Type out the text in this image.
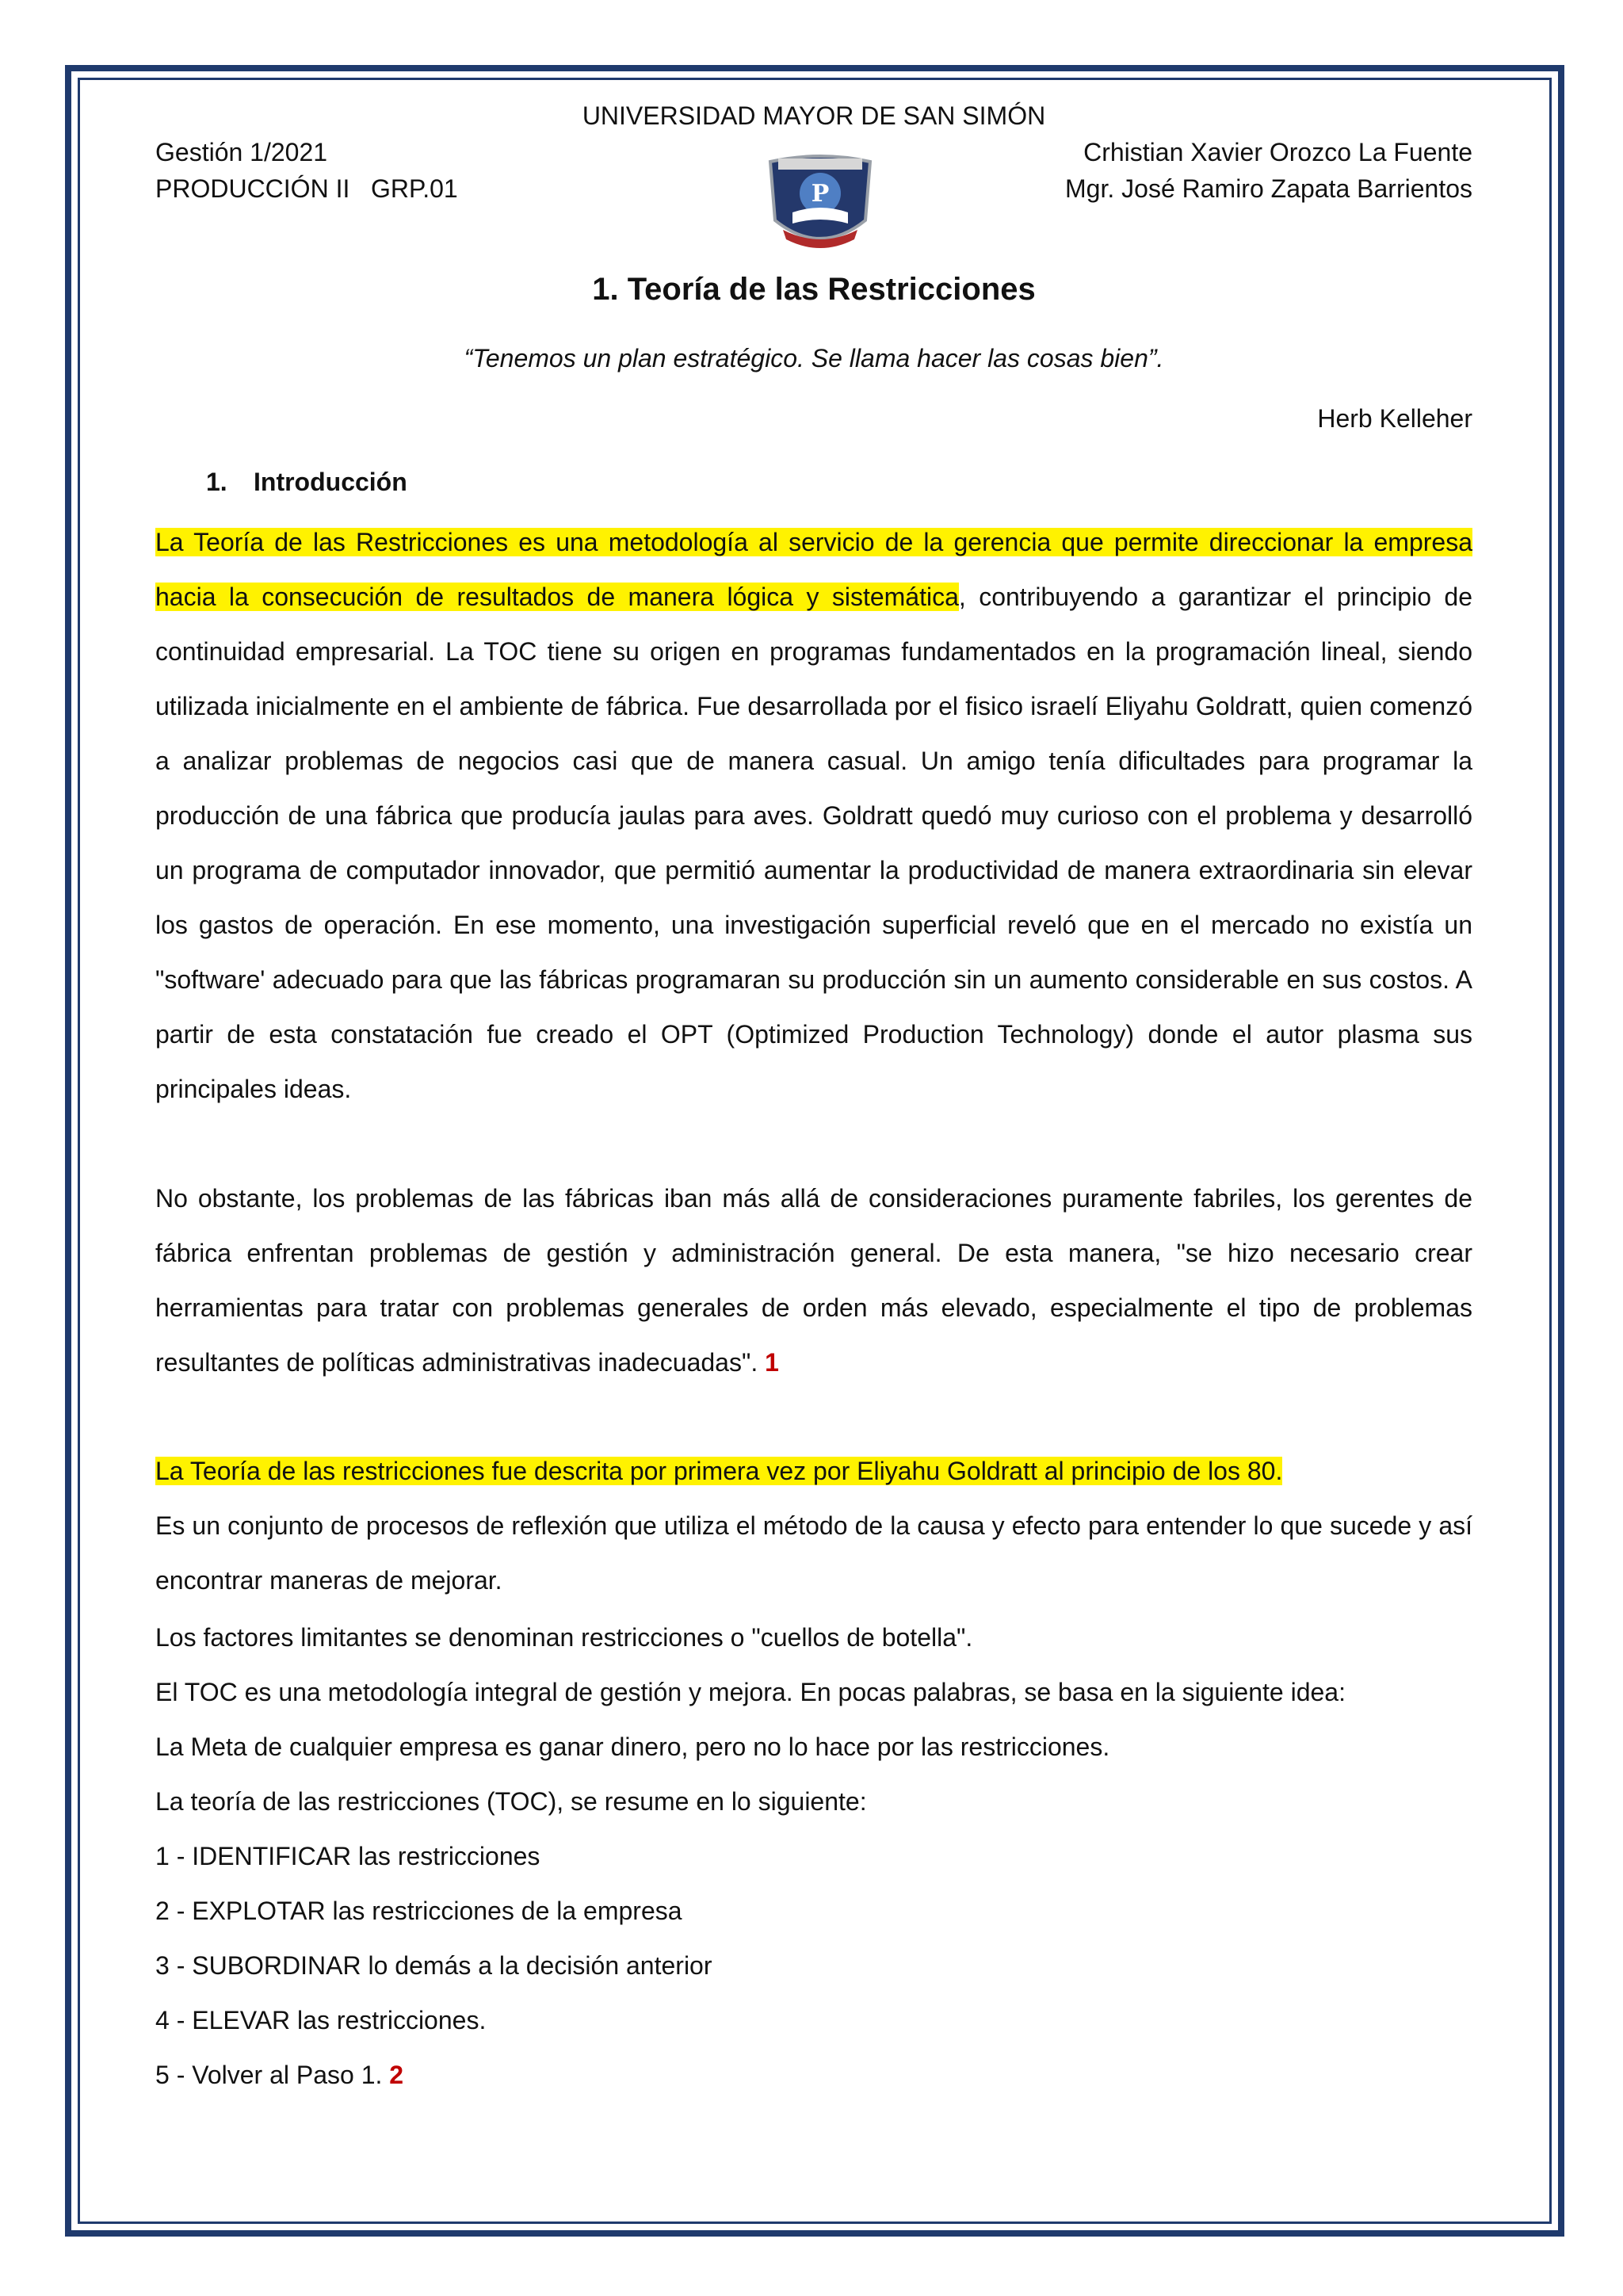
UNIVERSIDAD MAYOR DE SAN SIMÓN
Gestión 1/2021	Crhistian Xavier Orozco La Fuente
PRODUCCIÓN II   GRP.01	Mgr. José Ramiro Zapata Barrientos
P
1. Teoría de las Restricciones
“Tenemos un plan estratégico. Se llama hacer las cosas bien”.
Herb Kelleher
1. Introducción
La Teoría de las Restricciones es una metodología al servicio de la gerencia que permite direccionar la empresa hacia la consecución de resultados de manera lógica y sistemática, contribuyendo a garantizar el principio de continuidad empresarial. La TOC tiene su origen en programas fundamentados en la programación lineal, siendo utilizada inicialmente en el ambiente de fábrica. Fue desarrollada por el fisico israelí Eliyahu Goldratt, quien comenzó a analizar problemas de negocios casi que de manera casual. Un amigo tenía dificultades para programar la producción de una fábrica que producía jaulas para aves. Goldratt quedó muy curioso con el problema y desarrolló un programa de computador innovador, que permitió aumentar la productividad de manera extraordinaria sin elevar los gastos de operación. En ese momento, una investigación superficial reveló que en el mercado no existía un "software' adecuado para que las fábricas programaran su producción sin un aumento considerable en sus costos. A partir de esta constatación fue creado el OPT (Optimized Production Technology) donde el autor plasma sus principales ideas.
No obstante, los problemas de las fábricas iban más allá de consideraciones puramente fabriles, los gerentes de fábrica enfrentan problemas de gestión y administración general. De esta manera, "se hizo necesario crear herramientas para tratar con problemas generales de orden más elevado, especialmente el tipo de problemas resultantes de políticas administrativas inadecuadas". 1
La Teoría de las restricciones fue descrita por primera vez por Eliyahu Goldratt al principio de los 80.
Es un conjunto de procesos de reflexión que utiliza el método de la causa y efecto para entender lo que sucede y así encontrar maneras de mejorar.
Los factores limitantes se denominan restricciones o "cuellos de botella".
El TOC es una metodología integral de gestión y mejora. En pocas palabras, se basa en la siguiente idea:
La Meta de cualquier empresa es ganar dinero, pero no lo hace por las restricciones.
La teoría de las restricciones (TOC), se resume en lo siguiente:
1 - IDENTIFICAR las restricciones
2 - EXPLOTAR las restricciones de la empresa
3 - SUBORDINAR lo demás a la decisión anterior
4 - ELEVAR las restricciones.
5 - Volver al Paso 1. 2
